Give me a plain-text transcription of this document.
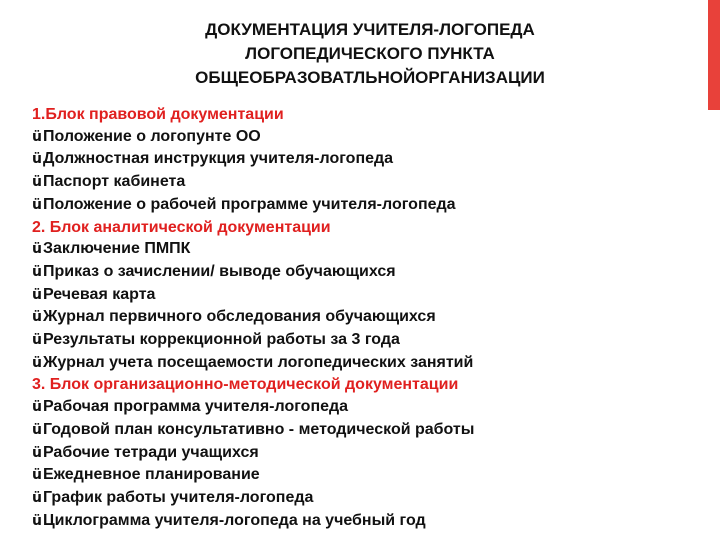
ДОКУМЕНТАЦИЯ УЧИТЕЛЯ-ЛОГОПЕДА
ЛОГОПЕДИЧЕСКОГО ПУНКТА
ОБЩЕОБРАЗОВАТЛЬНОЙОРГАНИЗАЦИИ
1.Блок правовой документации
üПоложение о логопунте ОО
üДолжностная инструкция учителя-логопеда
üПаспорт кабинета
üПоложение о рабочей программе учителя-логопеда
2. Блок аналитической документации
üЗаключение ПМПК
üПриказ о зачислении/ выводе обучающихся
üРечевая карта
üЖурнал первичного обследования обучающихся
üРезультаты коррекционной работы за 3 года
üЖурнал учета посещаемости логопедических занятий
3. Блок организационно-методической документации
üРабочая программа учителя-логопеда
üГодовой план консультативно - методической работы
üРабочие тетради учащихся
üЕжедневное планирование
üГрафик работы учителя-логопеда
üЦиклограмма учителя-логопеда на учебный год
